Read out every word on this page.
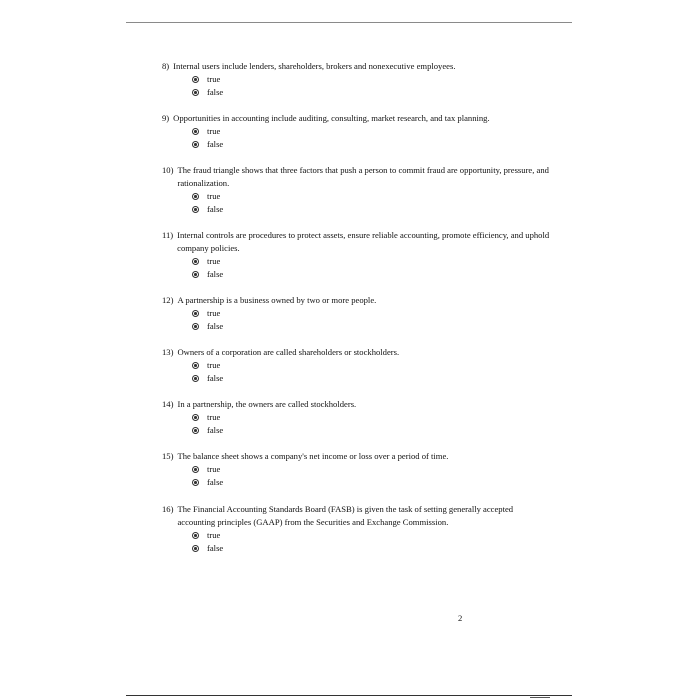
8) Internal users include lenders, shareholders, brokers and nonexecutive employees.
true
false
9) Opportunities in accounting include auditing, consulting, market research, and tax planning.
true
false
10) The fraud triangle shows that three factors that push a person to commit fraud are opportunity, pressure, and rationalization.
true
false
11) Internal controls are procedures to protect assets, ensure reliable accounting, promote efficiency, and uphold company policies.
true
false
12) A partnership is a business owned by two or more people.
true
false
13) Owners of a corporation are called shareholders or stockholders.
true
false
14) In a partnership, the owners are called stockholders.
true
false
15) The balance sheet shows a company's net income or loss over a period of time.
true
false
16) The Financial Accounting Standards Board (FASB) is given the task of setting generally accepted accounting principles (GAAP) from the Securities and Exchange Commission.
true
false
2
